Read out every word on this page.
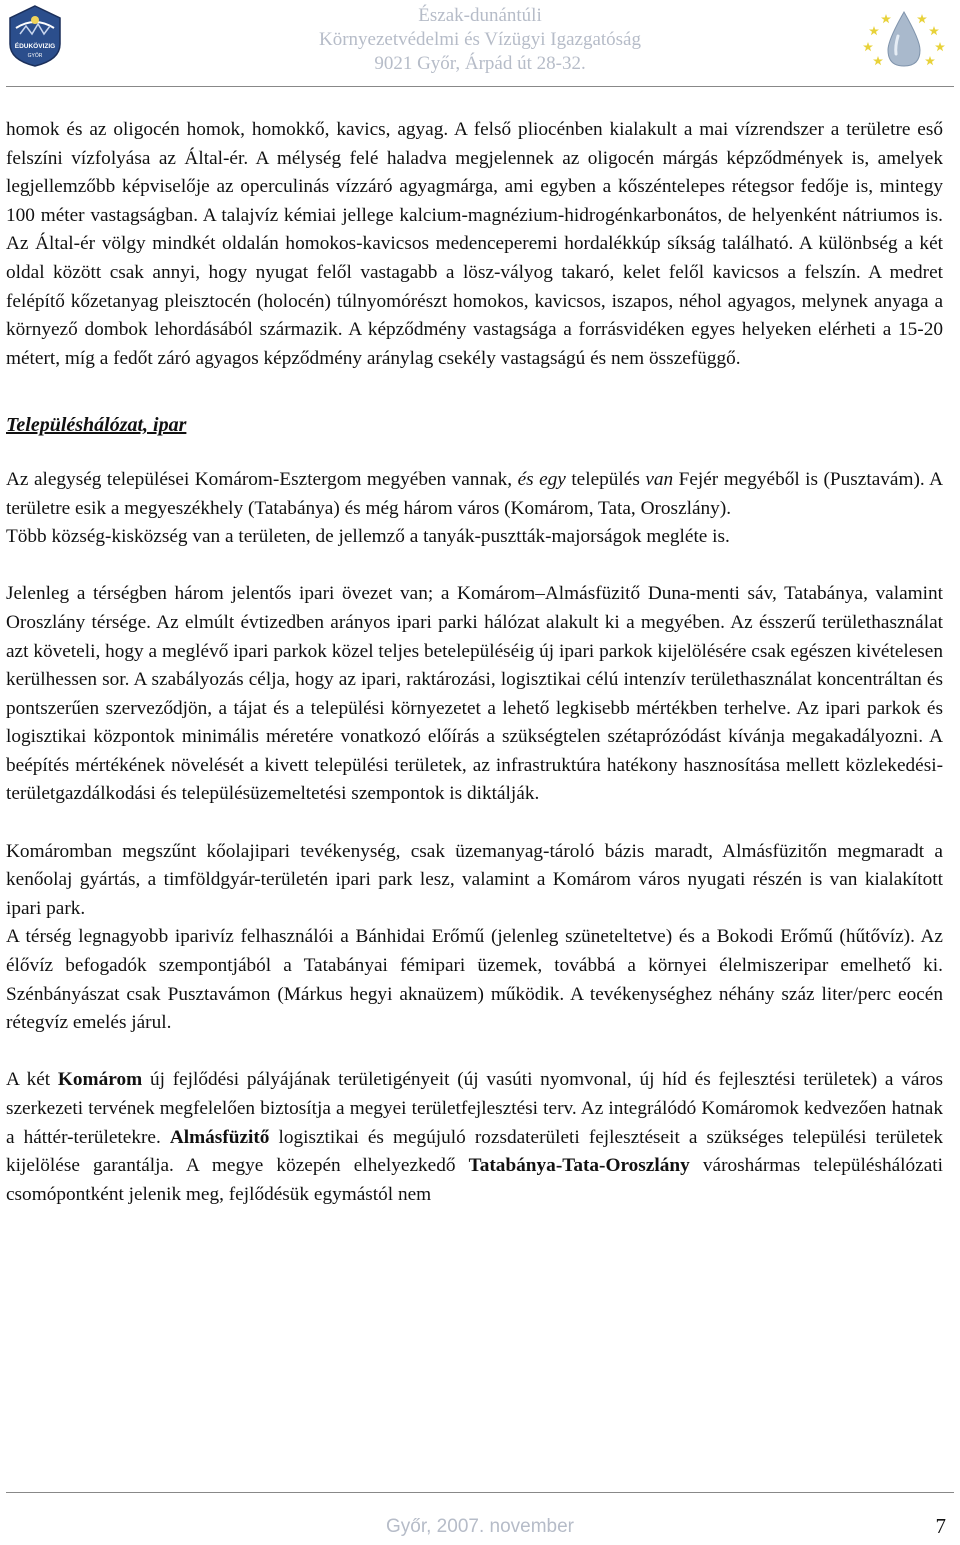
ÉDUKÖVIZIG
GYŐR
Észak-dunántúli
Környezetvédelmi és Vízügyi Igazgatóság
9021 Győr, Árpád út 28-32.

homok és az oligocén homok, homokkő, kavics, agyag. A felső pliocénben kialakult a mai vízrendszer a területre eső felszíni vízfolyása az Által-ér. A mélység felé haladva megjelennek az oligocén márgás képződmények is, amelyek legjellemzőbb képviselője az operculinás vízzáró agyagmárga, ami egyben a kőszéntelepes rétegsor fedője is, mintegy 100 méter vastagságban. A talajvíz kémiai jellege kalcium-magnézium-hidrogénkarbonátos, de helyenként nátriumos is. Az Által-ér völgy mindkét oldalán homokos-kavicsos medenceperemi hordalékkúp síkság található. A különbség a két oldal között csak annyi, hogy nyugat felől vastagabb a lösz-vályog takaró, kelet felől kavicsos a felszín. A medret felépítő kőzetanyag pleisztocén (holocén) túlnyomórészt homokos, kavicsos, iszapos, néhol agyagos, melynek anyaga a környező dombok lehordásából származik. A képződmény vastagsága a forrásvidéken egyes helyeken elérheti a 15-20 métert, míg a fedőt záró agyagos képződmény aránylag csekély vastagságú és nem összefüggő.

Településhálózat, ipar

Az alegység települései Komárom-Esztergom megyében vannak, és egy település van Fejér megyéből is (Pusztavám). A területre esik a megyeszékhely (Tatabánya) és még három város (Komárom, Tata, Oroszlány).

Több község-kisközség van a területen, de jellemző a tanyák-pusztták-majorságok megléte is.

Jelenleg a térségben három jelentős ipari övezet van; a Komárom–Almásfüzitő Duna-menti sáv, Tatabánya, valamint Oroszlány térsége. Az elmúlt évtizedben arányos ipari parki hálózat alakult ki a megyében. Az ésszerű területhasználat azt követeli, hogy a meglévő ipari parkok közel teljes betelepüléséig új ipari parkok kijelölésére csak egészen kivételesen kerülhessen sor. A szabályozás célja, hogy az ipari, raktározási, logisztikai célú intenzív területhasználat koncentráltan és pontszerűen szerveződjön, a tájat és a települési környezetet a lehető legkisebb mértékben terhelve. Az ipari parkok és logisztikai központok minimális méretére vonatkozó előírás a szükségtelen szétaprózódást kívánja megakadályozni. A beépítés mértékének növelését a kivett települési területek, az infrastruktúra hatékony hasznosítása mellett közlekedési-területgazdálkodási és településüzemeltetési szempontok is diktálják.

Komáromban megszűnt kőolajipari tevékenység, csak üzemanyag-tároló bázis maradt, Almásfüzitőn megmaradt a kenőolaj gyártás, a timföldgyár-területén ipari park lesz, valamint a Komárom város nyugati részén is van kialakított ipari park.

A térség legnagyobb iparivíz felhasználói a Bánhidai Erőmű (jelenleg szüneteltetve) és a Bokodi Erőmű (hűtővíz). Az élővíz befogadók szempontjából a Tatabányai fémipari üzemek, továbbá a környei élelmiszeripar emelhető ki. Szénbányászat csak Pusztavámon (Márkus hegyi aknaüzem) működik. A tevékenységhez néhány száz liter/perc eocén rétegvíz emelés járul.

A két Komárom új fejlődési pályájának területigényeit (új vasúti nyomvonal, új híd és fejlesztési területek) a város szerkezeti tervének megfelelően biztosítja a megyei területfejlesztési terv. Az integrálódó Komáromok kedvezően hatnak a háttér-területekre. Almásfüzitő logisztikai és megújuló rozsdaterületi fejlesztéseit a szükséges települési területek kijelölése garantálja. A megye közepén elhelyezkedő Tatabánya-Tata-Oroszlány városhármas településhálózati csomópontként jelenik meg, fejlődésük egymástól nem

Győr, 2007. november	7
